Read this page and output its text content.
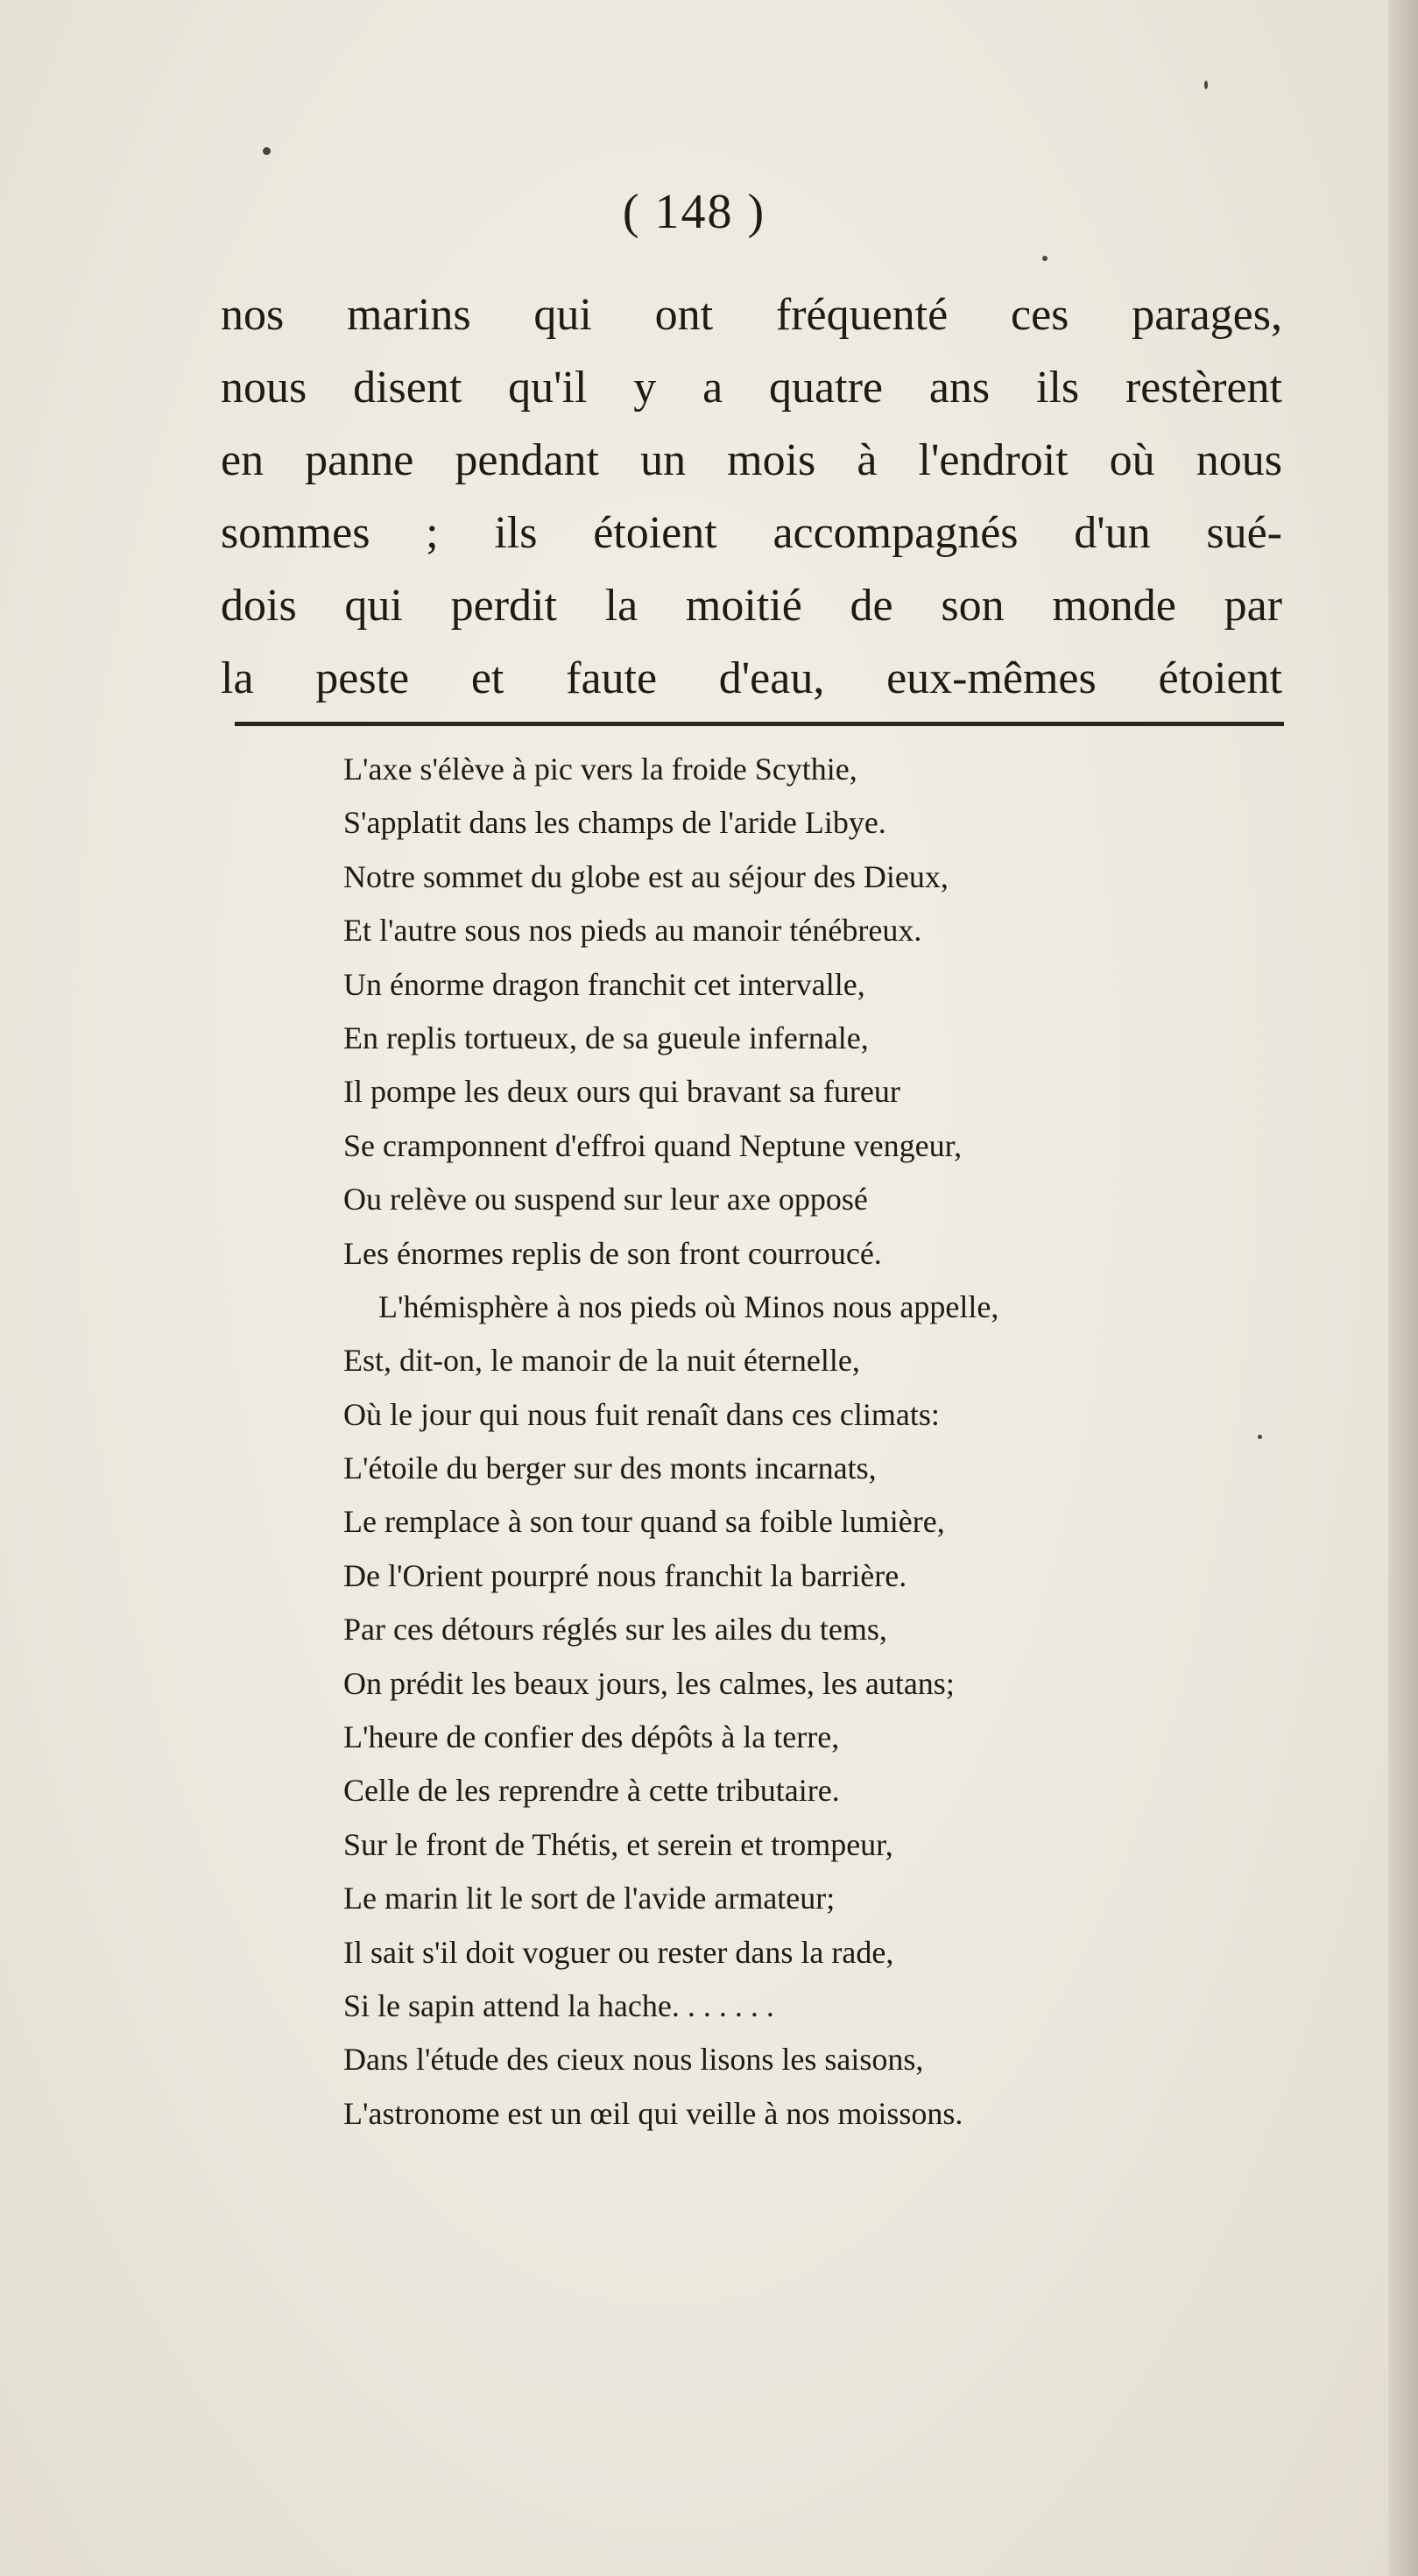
( 148 )
nos marins qui ont fréquenté ces parages,
nous disent qu'il y a quatre ans ils restèrent
en panne pendant un mois à l'endroit où nous
sommes ; ils étoient accompagnés d'un sué-
dois qui perdit la moitié de son monde par
la peste et faute d'eau, eux-mêmes étoient
L'axe s'élève à pic vers la froide Scythie,
S'applatit dans les champs de l'aride Libye.
Notre sommet du globe est au séjour des Dieux,
Et l'autre sous nos pieds au manoir ténébreux.
Un énorme dragon franchit cet intervalle,
En replis tortueux, de sa gueule infernale,
Il pompe les deux ours qui bravant sa fureur
Se cramponnent d'effroi quand Neptune vengeur,
Ou relève ou suspend sur leur axe opposé
Les énormes replis de son front courroucé.
L'hémisphère à nos pieds où Minos nous appelle,
Est, dit-on, le manoir de la nuit éternelle,
Où le jour qui nous fuit renaît dans ces climats:
L'étoile du berger sur des monts incarnats,
Le remplace à son tour quand sa foible lumière,
De l'Orient pourpré nous franchit la barrière.
Par ces détours réglés sur les ailes du tems,
On prédit les beaux jours, les calmes, les autans;
L'heure de confier des dépôts à la terre,
Celle de les reprendre à cette tributaire.
Sur le front de Thétis, et serein et trompeur,
Le marin lit le sort de l'avide armateur;
Il sait s'il doit voguer ou rester dans la rade,
Si le sapin attend la hache. . . . . . .
Dans l'étude des cieux nous lisons les saisons,
L'astronome est un œil qui veille à nos moissons.
